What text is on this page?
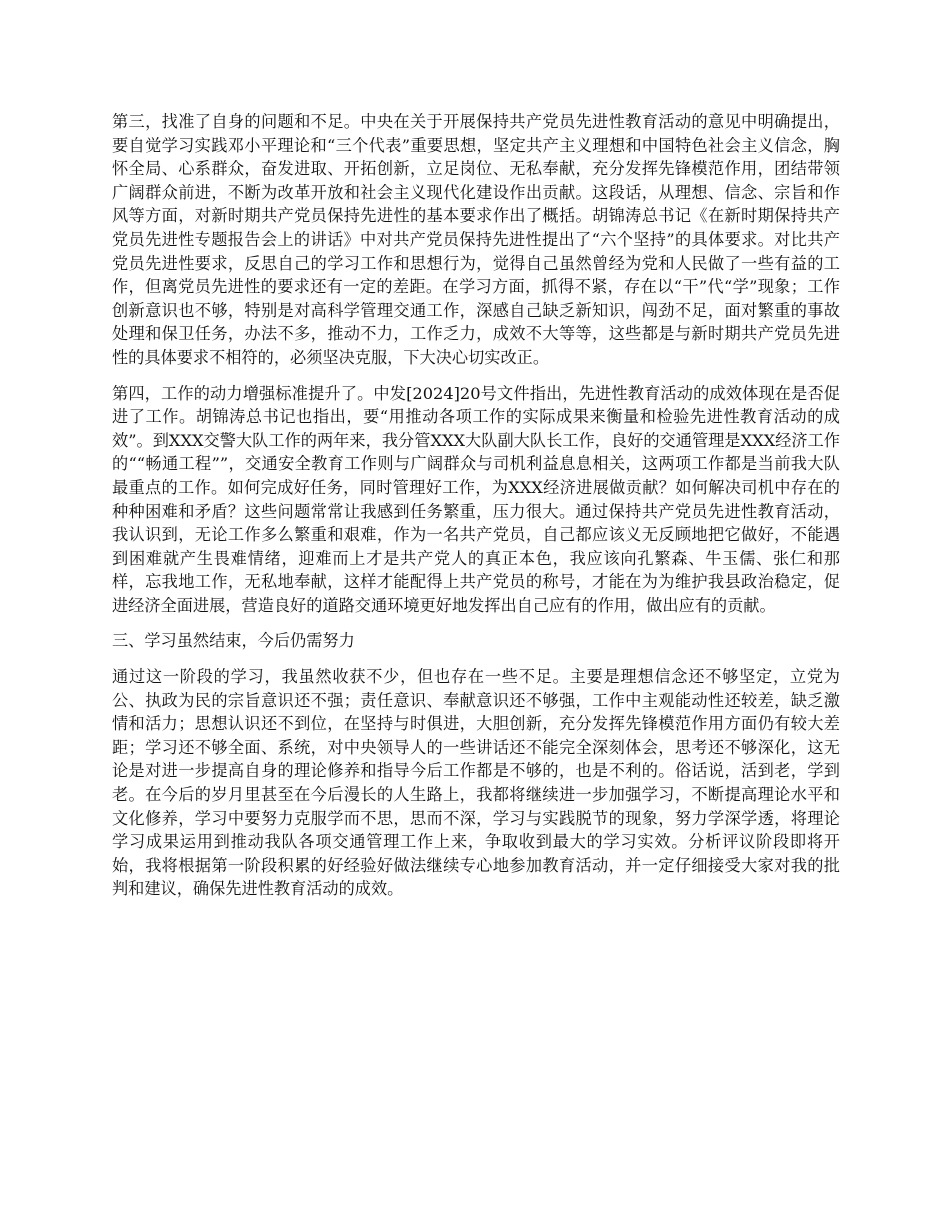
第三，找准了自身的问题和不足。中央在关于开展保持共产党员先进性教育活动的意见中明确提出，要自觉学习实践邓小平理论和“三个代表”重要思想，坚定共产主义理想和中国特色社会主义信念，胸怀全局、心系群众，奋发进取、开拓创新，立足岗位、无私奉献，充分发挥先锋模范作用，团结带领广阔群众前进，不断为改革开放和社会主义现代化建设作出贡献。这段话，从理想、信念、宗旨和作风等方面，对新时期共产党员保持先进性的基本要求作出了概括。胡锦涛总书记《在新时期保持共产党员先进性专题报告会上的讲话》中对共产党员保持先进性提出了“六个坚持”的具体要求。对比共产党员先进性要求，反思自己的学习工作和思想行为，觉得自己虽然曾经为党和人民做了一些有益的工作，但离党员先进性的要求还有一定的差距。在学习方面，抓得不紧，存在以“干”代“学”现象；工作创新意识也不够，特别是对高科学管理交通工作，深感自己缺乏新知识，闯劲不足，面对繁重的事故处理和保卫任务，办法不多，推动不力，工作乏力，成效不大等等，这些都是与新时期共产党员先进性的具体要求不相符的，必须坚决克服，下大决心切实改正。

第四，工作的动力增强标准提升了。中发[2024]20号文件指出，先进性教育活动的成效体现在是否促进了工作。胡锦涛总书记也指出，要“用推动各项工作的实际成果来衡量和检验先进性教育活动的成效”。到XXX交警大队工作的两年来，我分管XXX大队副大队长工作，良好的交通管理是XXX经济工作的““畅通工程””，交通安全教育工作则与广阔群众与司机利益息息相关，这两项工作都是当前我大队最重点的工作。如何完成好任务，同时管理好工作，为XXX经济进展做贡献？如何解决司机中存在的种种困难和矛盾？这些问题常常让我感到任务繁重，压力很大。通过保持共产党员先进性教育活动，我认识到，无论工作多么繁重和艰难，作为一名共产党员，自己都应该义无反顾地把它做好，不能遇到困难就产生畏难情绪，迎难而上才是共产党人的真正本色，我应该向孔繁森、牛玉儒、张仁和那样，忘我地工作，无私地奉献，这样才能配得上共产党员的称号，才能在为为维护我县政治稳定，促进经济全面进展，营造良好的道路交通环境更好地发挥出自己应有的作用，做出应有的贡献。

三、学习虽然结束，今后仍需努力

通过这一阶段的学习，我虽然收获不少，但也存在一些不足。主要是理想信念还不够坚定，立党为公、执政为民的宗旨意识还不强；责任意识、奉献意识还不够强，工作中主观能动性还较差，缺乏激情和活力；思想认识还不到位，在坚持与时俱进，大胆创新，充分发挥先锋模范作用方面仍有较大差距；学习还不够全面、系统，对中央领导人的一些讲话还不能完全深刻体会，思考还不够深化，这无论是对进一步提高自身的理论修养和指导今后工作都是不够的，也是不利的。俗话说，活到老，学到老。在今后的岁月里甚至在今后漫长的人生路上，我都将继续进一步加强学习，不断提高理论水平和文化修养，学习中要努力克服学而不思，思而不深，学习与实践脱节的现象，努力学深学透，将理论学习成果运用到推动我队各项交通管理工作上来，争取收到最大的学习实效。分析评议阶段即将开始，我将根据第一阶段积累的好经验好做法继续专心地参加教育活动，并一定仔细接受大家对我的批判和建议，确保先进性教育活动的成效。
